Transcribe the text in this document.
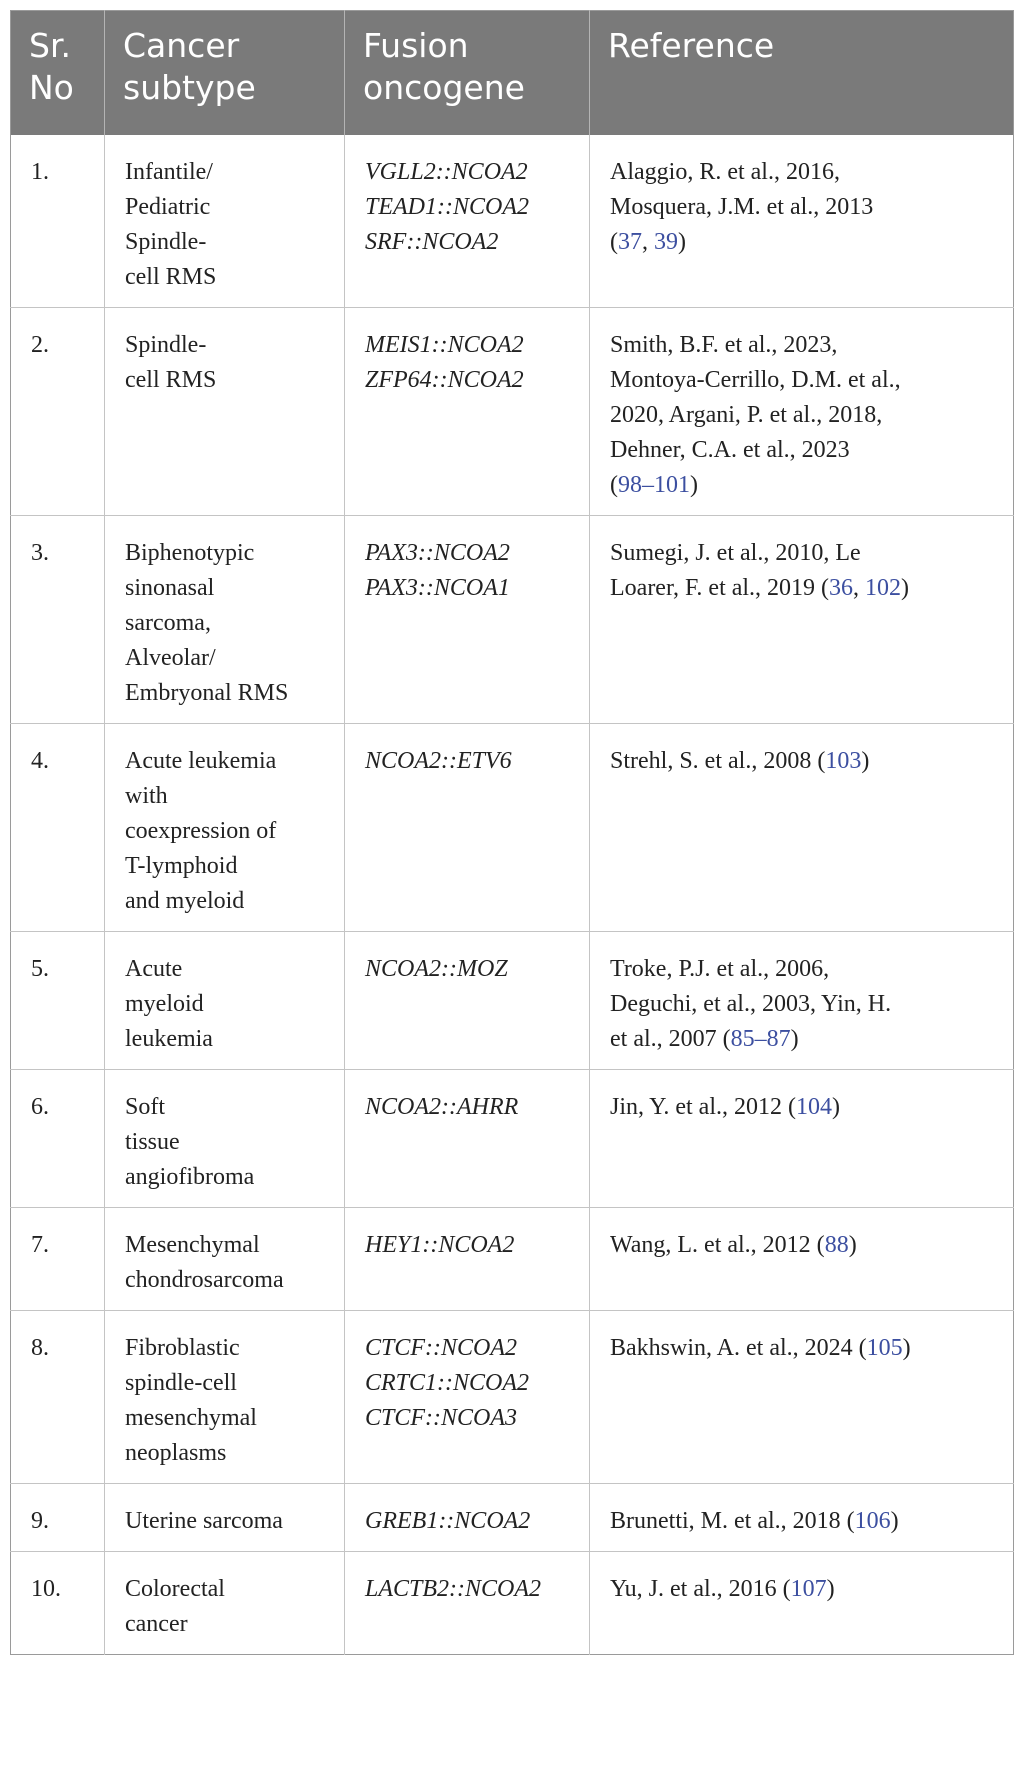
Sr.
No	Cancer
subtype	Fusion
oncogene	Reference

1.	Infantile/
Pediatric
Spindle-
cell RMS	VGLL2::NCOA2
TEAD1::NCOA2
SRF::NCOA2	Alaggio, R. et al., 2016,
Mosquera, J.M. et al., 2013
(37, 39)

2.	Spindle-
cell RMS	MEIS1::NCOA2
ZFP64::NCOA2	Smith, B.F. et al., 2023,
Montoya-Cerrillo, D.M. et al.,
2020, Argani, P. et al., 2018,
Dehner, C.A. et al., 2023
(98–101)

3.	Biphenotypic
sinonasal
sarcoma,
Alveolar/
Embryonal RMS	PAX3::NCOA2
PAX3::NCOA1	Sumegi, J. et al., 2010, Le
Loarer, F. et al., 2019 (36, 102)

4.	Acute leukemia
with
coexpression of
T-lymphoid
and myeloid	NCOA2::ETV6	Strehl, S. et al., 2008 (103)

5.	Acute
myeloid
leukemia	NCOA2::MOZ	Troke, P.J. et al., 2006,
Deguchi, et al., 2003, Yin, H.
et al., 2007 (85–87)

6.	Soft
tissue
angiofibroma	NCOA2::AHRR	Jin, Y. et al., 2012 (104)

7.	Mesenchymal
chondrosarcoma	HEY1::NCOA2	Wang, L. et al., 2012 (88)

8.	Fibroblastic
spindle-cell
mesenchymal
neoplasms	CTCF::NCOA2
CRTC1::NCOA2
CTCF::NCOA3	Bakhswin, A. et al., 2024 (105)

9.	Uterine sarcoma	GREB1::NCOA2	Brunetti, M. et al., 2018 (106)

10.	Colorectal
cancer	LACTB2::NCOA2	Yu, J. et al., 2016 (107)
